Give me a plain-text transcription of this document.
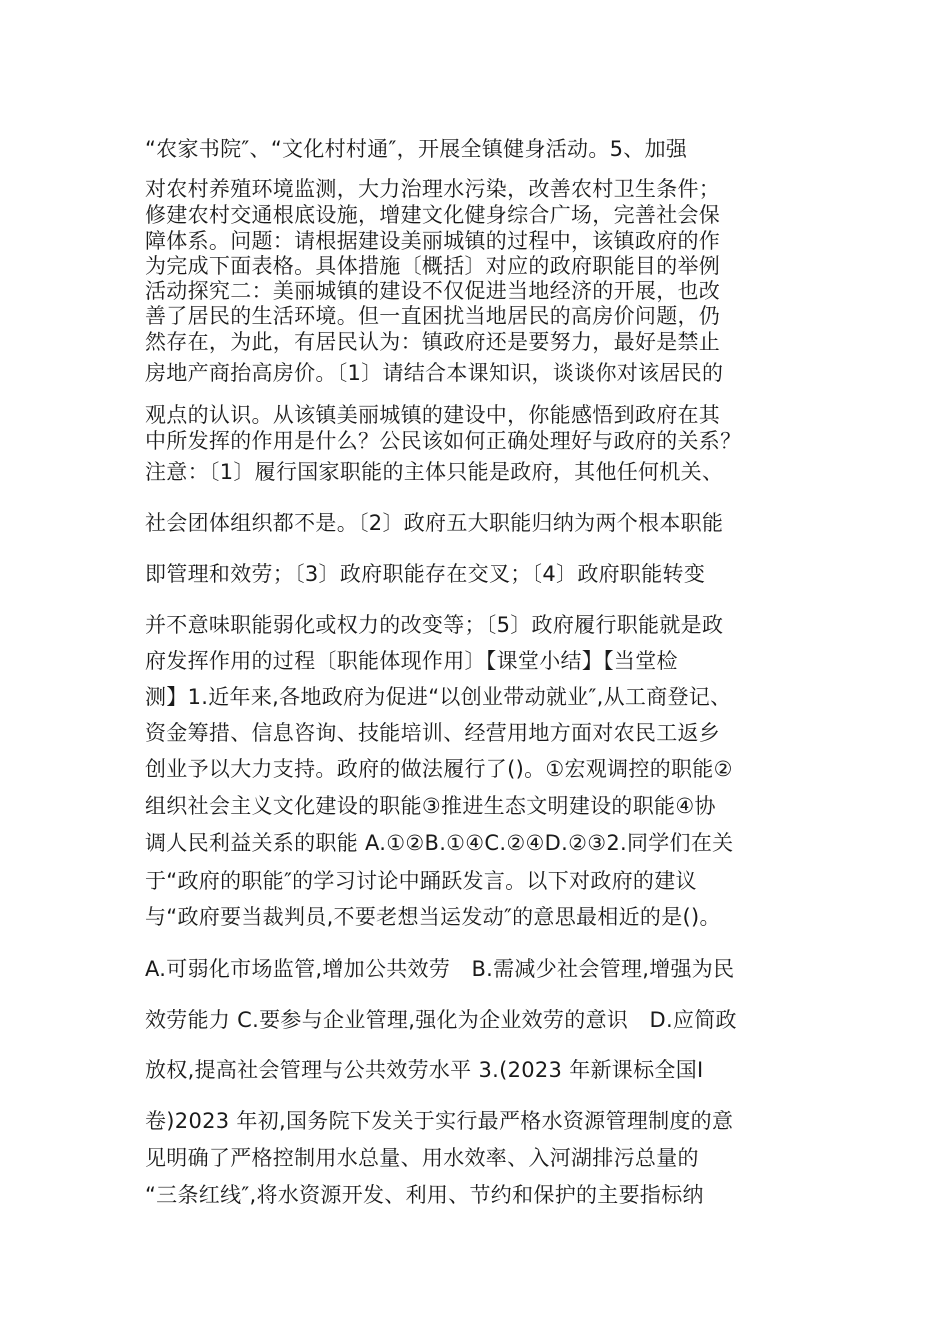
“农家书院″、“文化村村通″，开展全镇健身活动。5、加强
对农村养殖环境监测，大力治理水污染，改善农村卫生条件；
修建农村交通根底设施，增建文化健身综合广场，完善社会保
障体系。问题：请根据建设美丽城镇的过程中，该镇政府的作
为完成下面表格。具体措施〔概括〕对应的政府职能目的举例
活动探究二：美丽城镇的建设不仅促进当地经济的开展，也改
善了居民的生活环境。但一直困扰当地居民的高房价问题，仍
然存在，为此，有居民认为：镇政府还是要努力，最好是禁止
房地产商抬高房价。〔1〕请结合本课知识，谈谈你对该居民的
观点的认识。从该镇美丽城镇的建设中，你能感悟到政府在其
中所发挥的作用是什么？公民该如何正确处理好与政府的关系？
注意：〔1〕履行国家职能的主体只能是政府，其他任何机关、
社会团体组织都不是。〔2〕政府五大职能归纳为两个根本职能
即管理和效劳；〔3〕政府职能存在交叉；〔4〕政府职能转变
并不意味职能弱化或权力的改变等；〔5〕政府履行职能就是政
府发挥作用的过程〔职能体现作用〕【课堂小结】【当堂检
测】1.近年来,各地政府为促进“以创业带动就业″,从工商登记、
资金筹措、信息咨询、技能培训、经营用地方面对农民工返乡
创业予以大力支持。政府的做法履行了()。①宏观调控的职能②
组织社会主义文化建设的职能③推进生态文明建设的职能④协
调人民利益关系的职能 A.①②B.①④C.②④D.②③2.同学们在关
于“政府的职能″的学习讨论中踊跃发言。以下对政府的建议
与“政府要当裁判员,不要老想当运发动″的意思最相近的是()。
A.可弱化市场监管,增加公共效劳　B.需减少社会管理,增强为民
效劳能力 C.要参与企业管理,强化为企业效劳的意识　D.应简政
放权,提高社会管理与公共效劳水平 3.(2023 年新课标全国Ⅰ
卷)2023 年初,国务院下发关于实行最严格水资源管理制度的意
见明确了严格控制用水总量、用水效率、入河湖排污总量的
“三条红线″,将水资源开发、利用、节约和保护的主要指标纳
